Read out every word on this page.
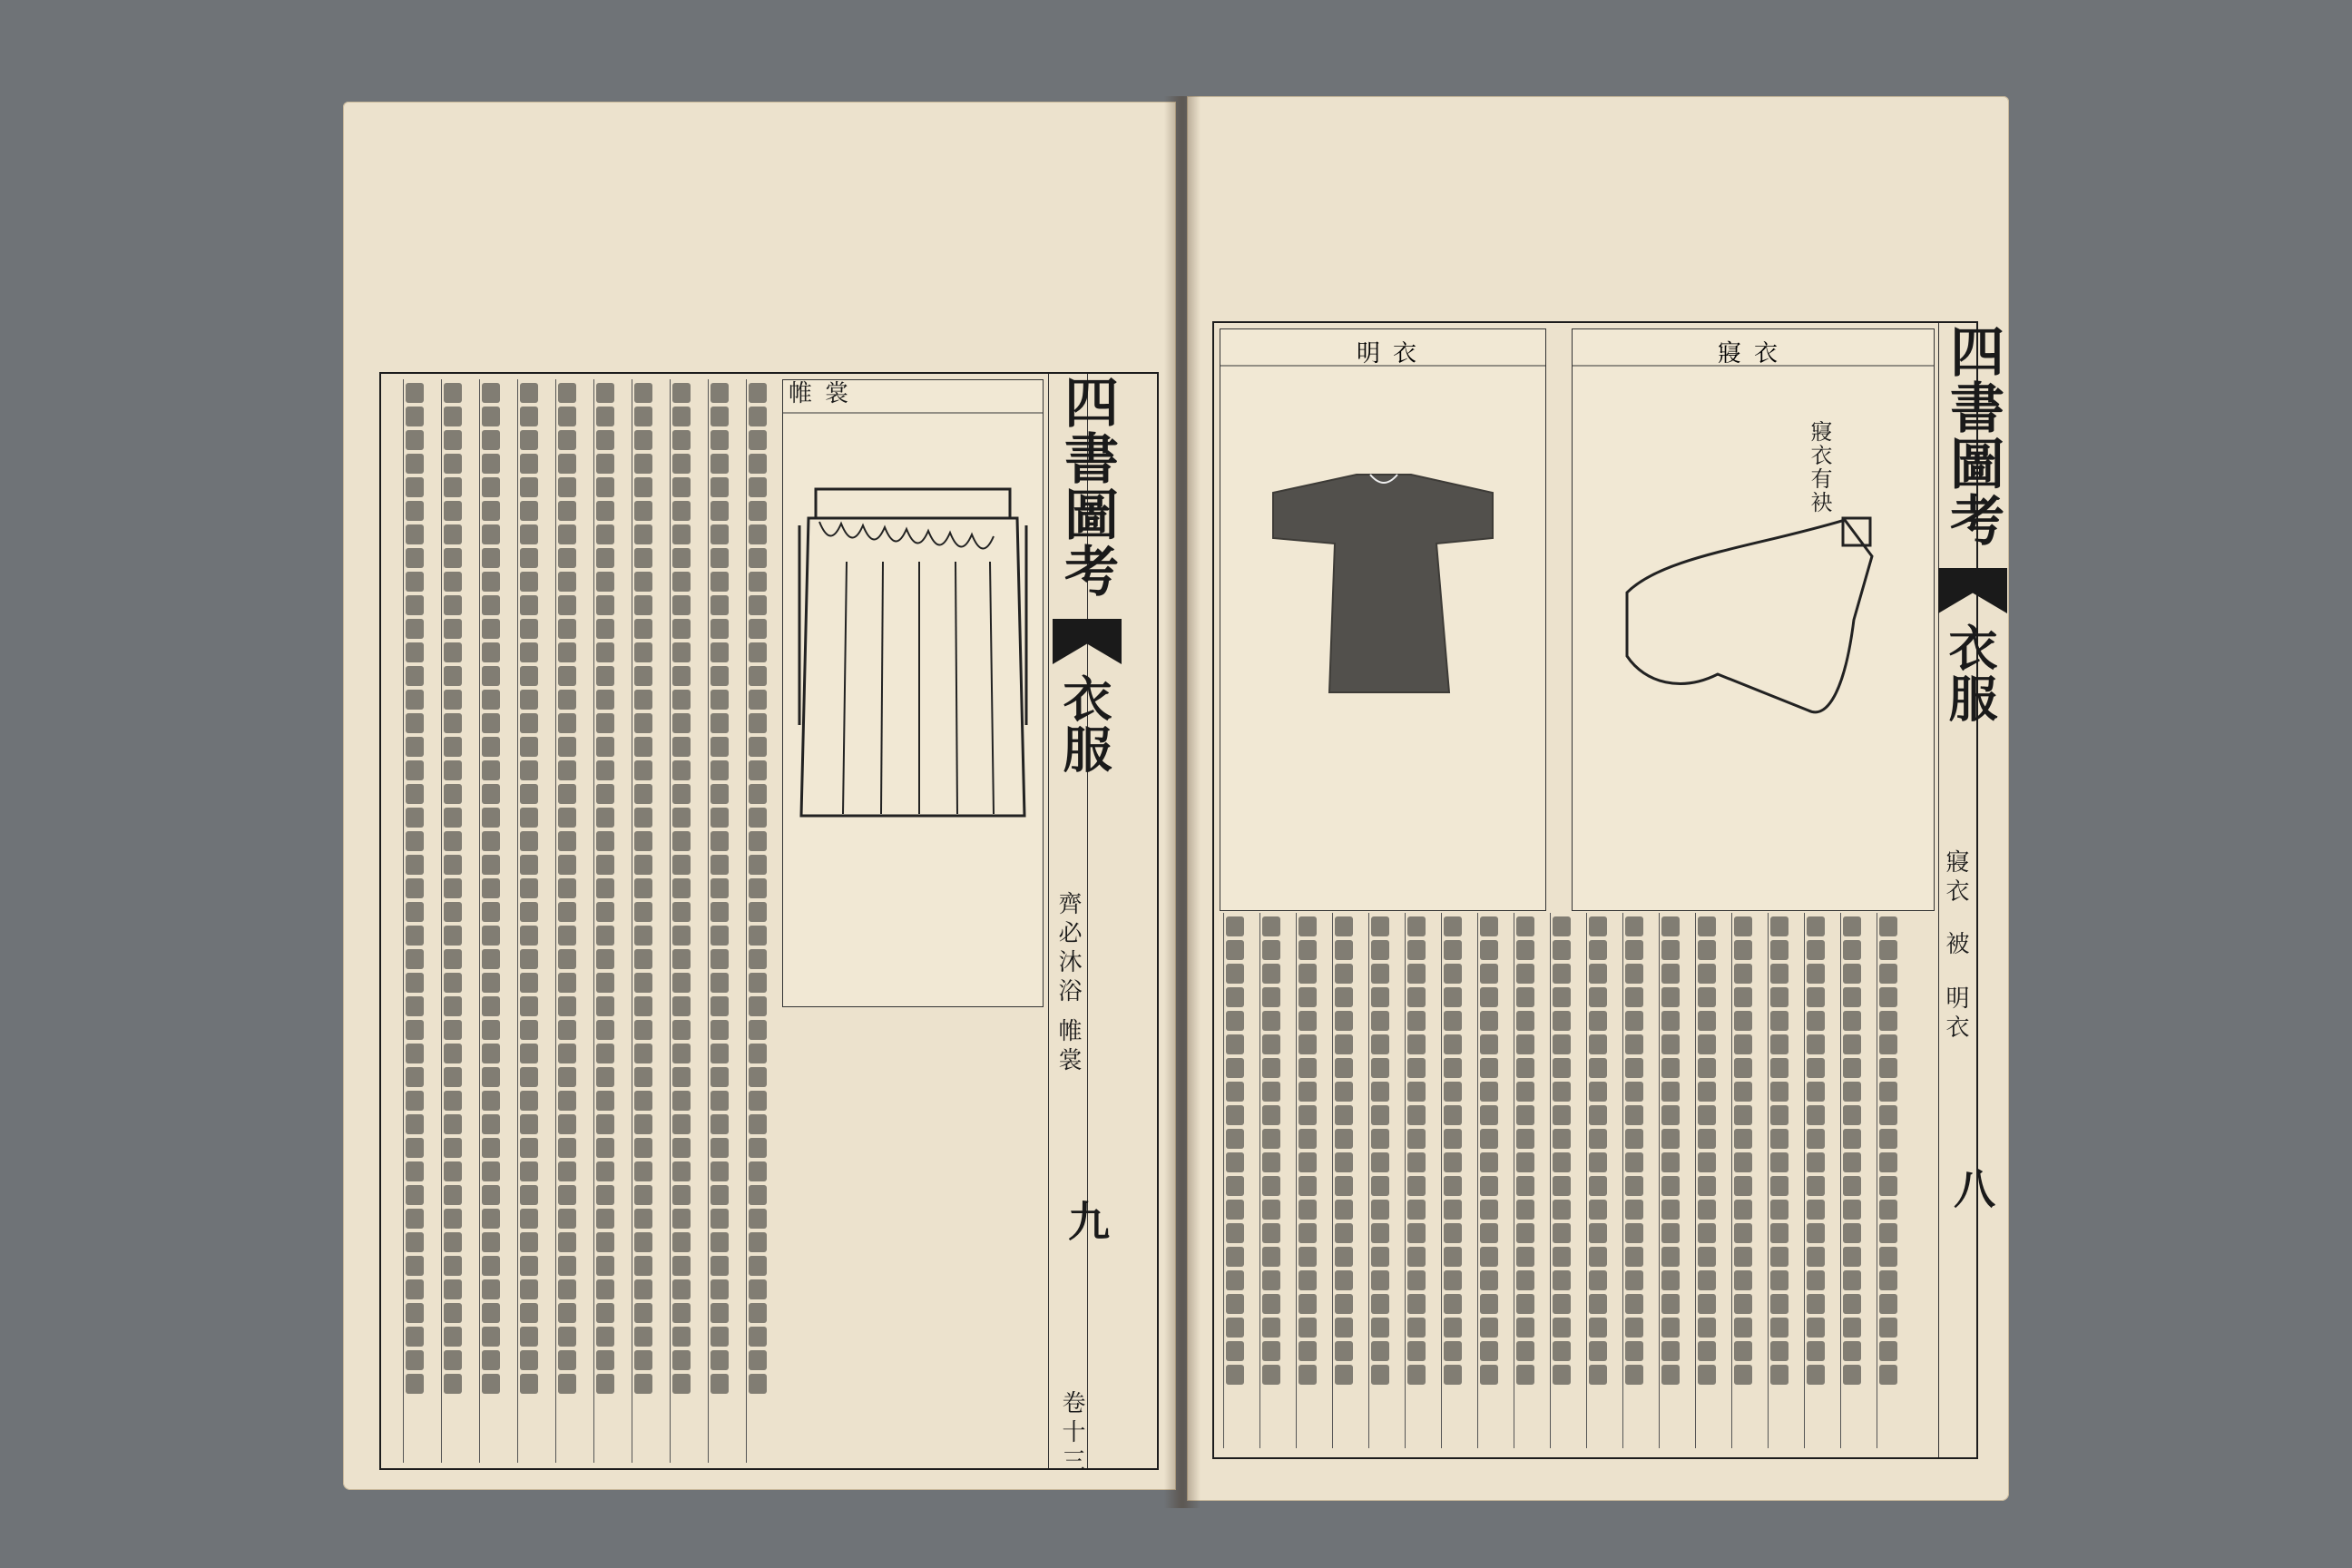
帷裳	四書圖考
衣服
齊必沐浴
帷裳
九
卷十三
明衣	寢衣
寢衣有袂 四書圖考
衣服
寢衣
被
明衣
八
